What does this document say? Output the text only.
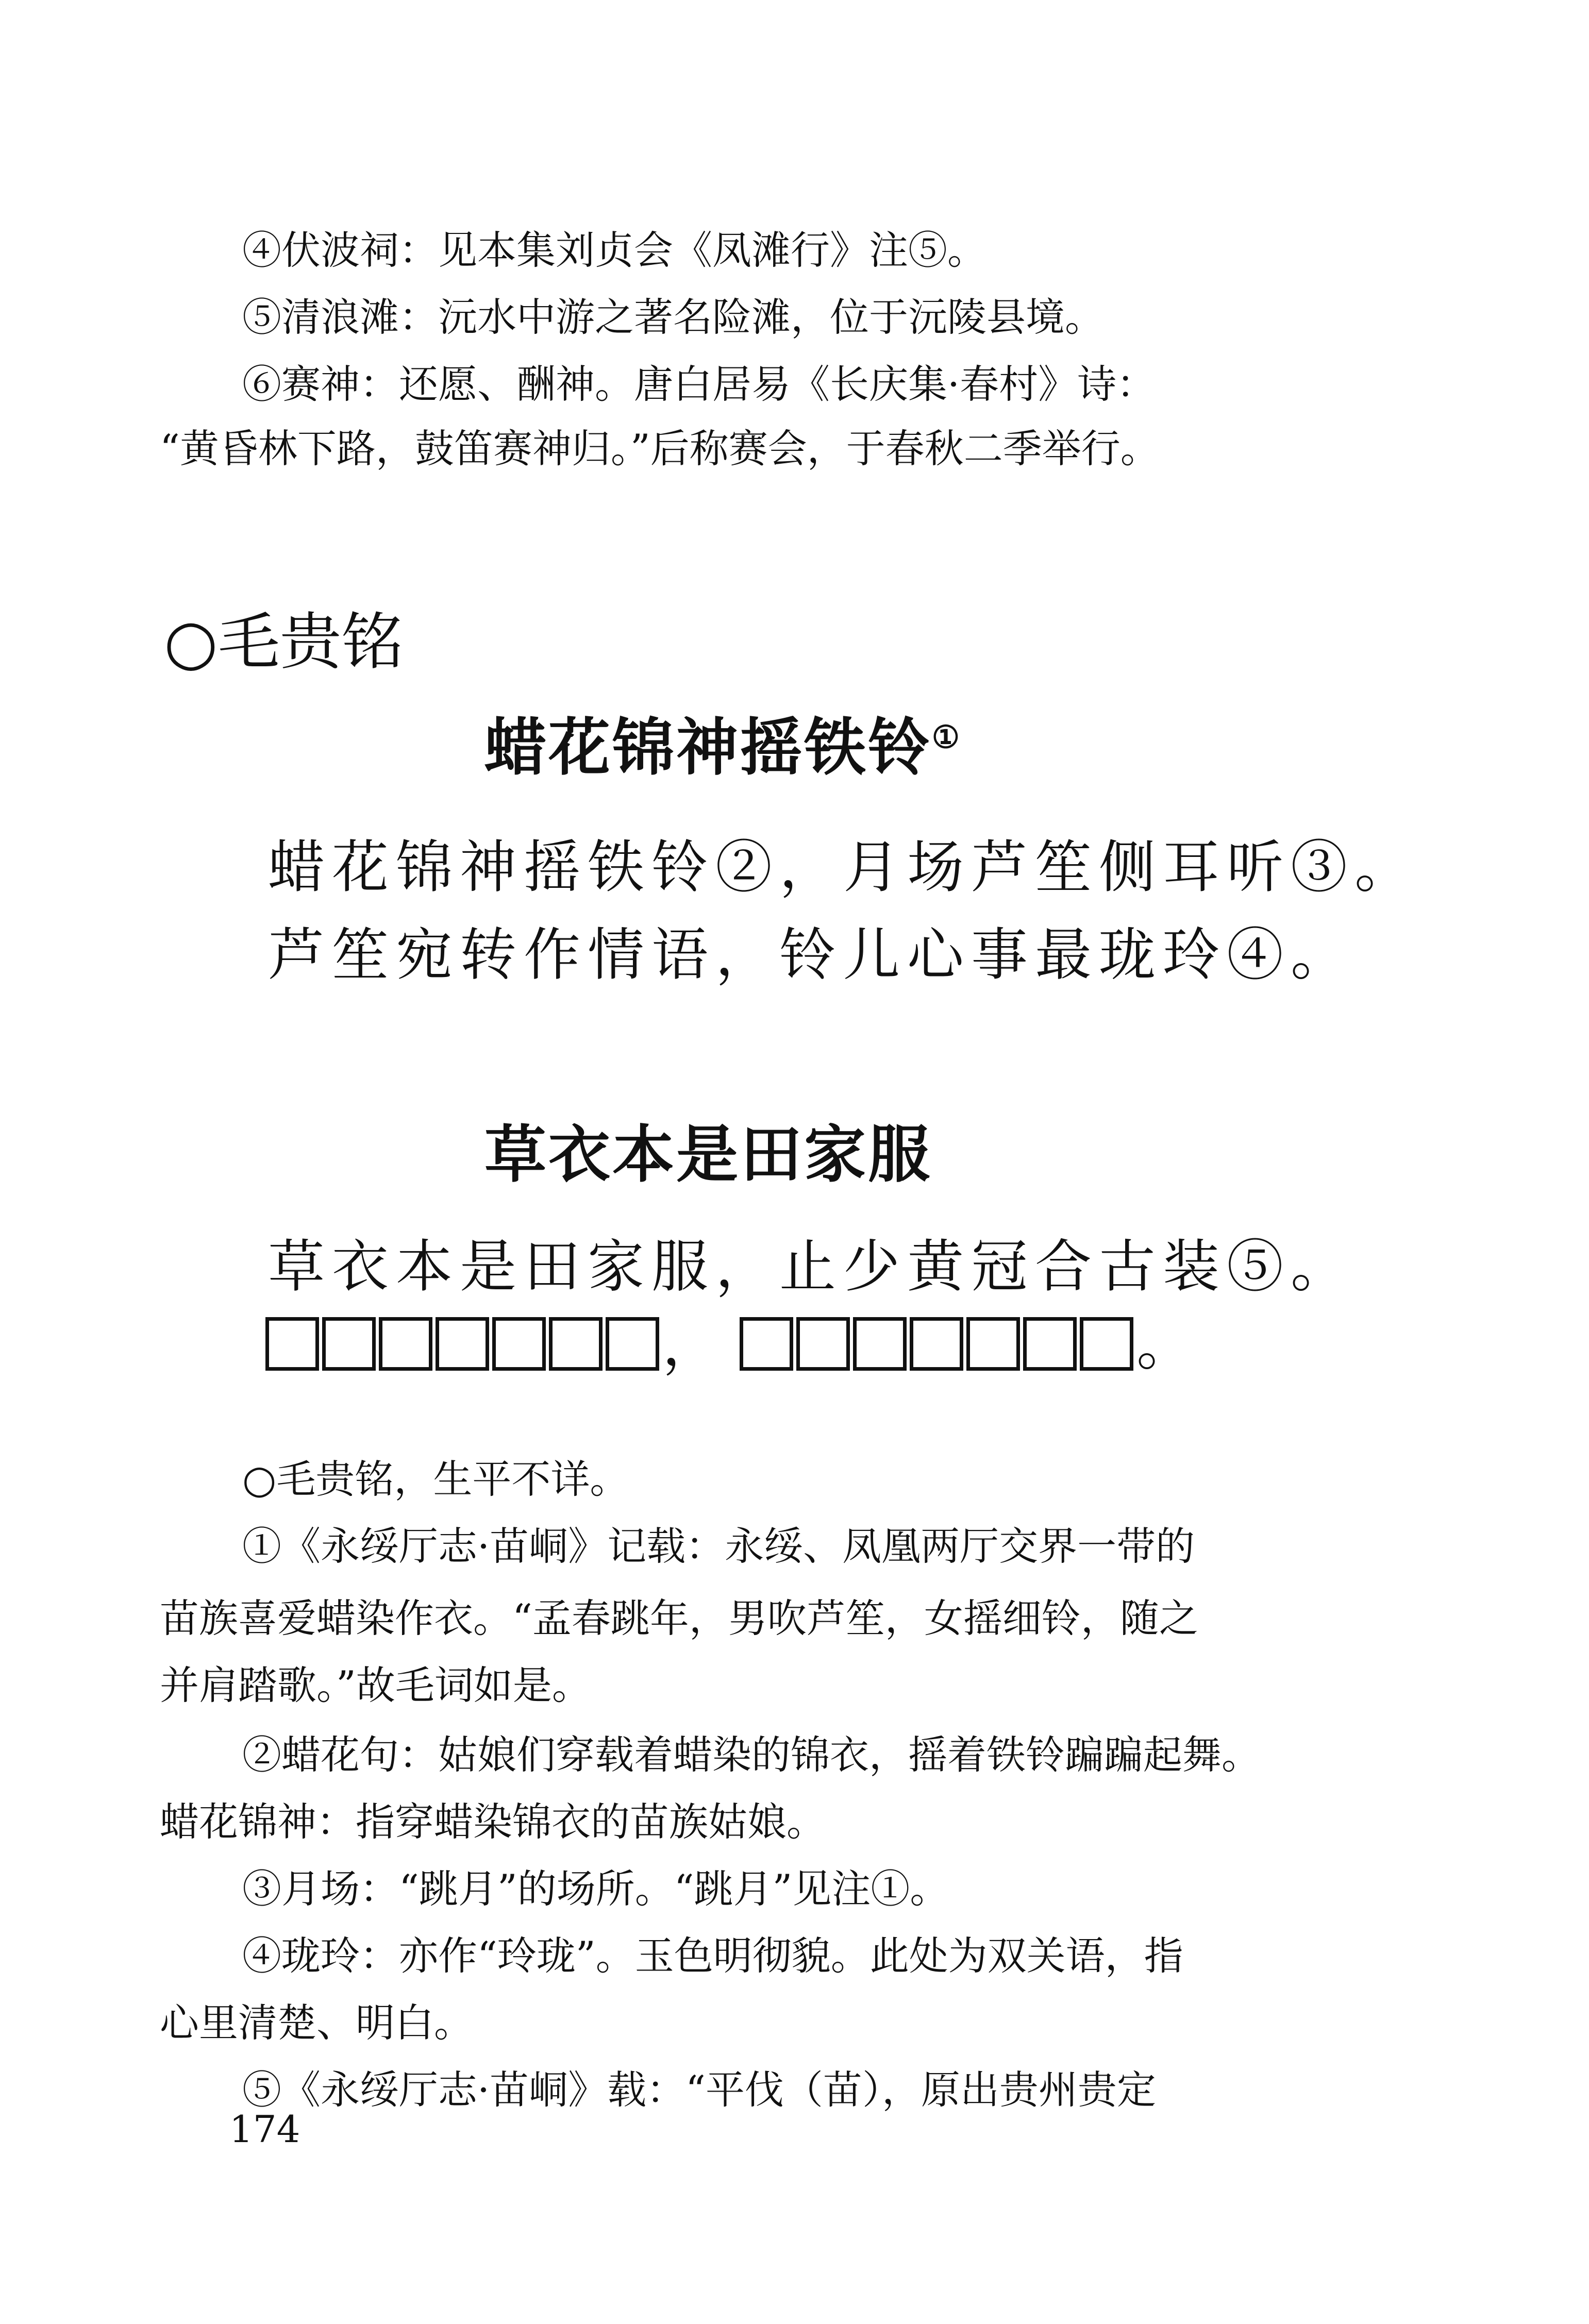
④伏波祠：见本集刘贞会《凤滩行》注⑤。
⑤清浪滩：沅水中游之著名险滩，位于沅陵县境。
⑥赛神：还愿、酬神。唐白居易《长庆集·春村》诗：
“黄昏林下路，鼓笛赛神归。”后称赛会，于春秋二季举行。
○毛贵铭
蜡花锦神摇铁铃①
蜡花锦神摇铁铃②，月场芦笙侧耳听③。
芦笙宛转作情语，铃儿心事最珑玲④。
草衣本是田家服
草衣本是田家服，止少黄冠合古装⑤。
，	。
○毛贵铭，生平不详。
①《永绥厅志·苗峒》记载：永绥、凤凰两厅交界一带的
苗族喜爱蜡染作衣。“孟春跳年，男吹芦笙，女摇细铃，随之
并肩踏歌。”故毛词如是。
②蜡花句：姑娘们穿载着蜡染的锦衣，摇着铁铃蹁蹁起舞。
蜡花锦神：指穿蜡染锦衣的苗族姑娘。
③月场：“跳月”的场所。“跳月”见注①。
④珑玲：亦作“玲珑”。玉色明彻貌。此处为双关语，指
心里清楚、明白。
⑤《永绥厅志·苗峒》载：“平伐（苗），原出贵州贵定
174
